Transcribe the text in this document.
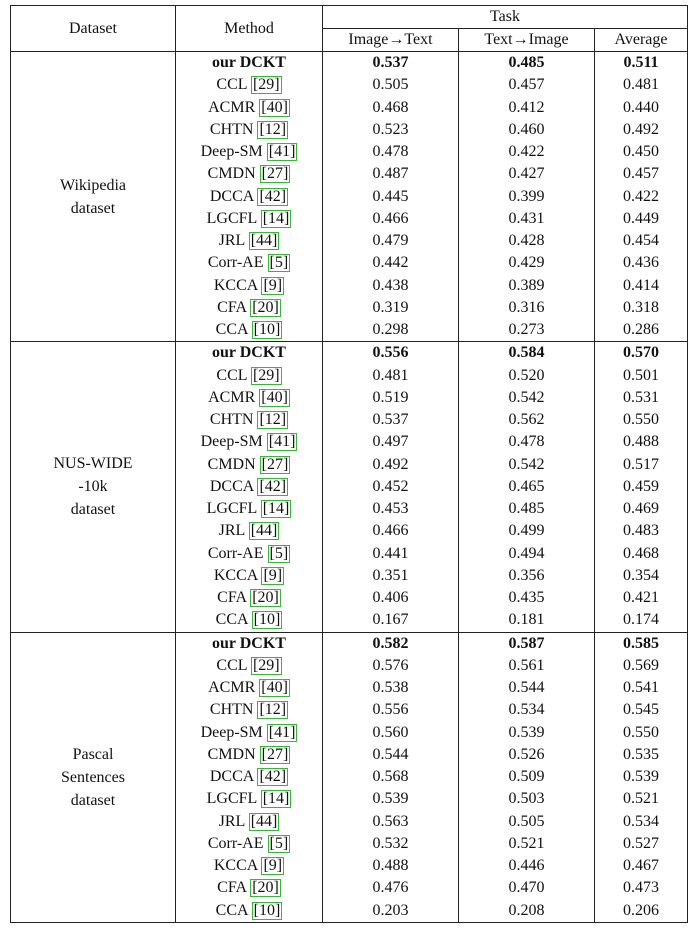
Dataset	Method	Task		
		Image→Text	Text→Image	Average

Wikipedia
dataset	our DCKT	0.537	0.485	0.511
	CCL [29]	0.505	0.457	0.481
	ACMR [40]	0.468	0.412	0.440
	CHTN [12]	0.523	0.460	0.492
	Deep-SM [41]	0.478	0.422	0.450
	CMDN [27]	0.487	0.427	0.457
	DCCA [42]	0.445	0.399	0.422
	LGCFL [14]	0.466	0.431	0.449
	JRL [44]	0.479	0.428	0.454
	Corr-AE [5]	0.442	0.429	0.436
	KCCA [9]	0.438	0.389	0.414
	CFA [20]	0.319	0.316	0.318
	CCA [10]	0.298	0.273	0.286

NUS-WIDE
-10k
dataset	our DCKT	0.556	0.584	0.570
	CCL [29]	0.481	0.520	0.501
	ACMR [40]	0.519	0.542	0.531
	CHTN [12]	0.537	0.562	0.550
	Deep-SM [41]	0.497	0.478	0.488
	CMDN [27]	0.492	0.542	0.517
	DCCA [42]	0.452	0.465	0.459
	LGCFL [14]	0.453	0.485	0.469
	JRL [44]	0.466	0.499	0.483
	Corr-AE [5]	0.441	0.494	0.468
	KCCA [9]	0.351	0.356	0.354
	CFA [20]	0.406	0.435	0.421
	CCA [10]	0.167	0.181	0.174

Pascal
Sentences
dataset	our DCKT	0.582	0.587	0.585
	CCL [29]	0.576	0.561	0.569
	ACMR [40]	0.538	0.544	0.541
	CHTN [12]	0.556	0.534	0.545
	Deep-SM [41]	0.560	0.539	0.550
	CMDN [27]	0.544	0.526	0.535
	DCCA [42]	0.568	0.509	0.539
	LGCFL [14]	0.539	0.503	0.521
	JRL [44]	0.563	0.505	0.534
	Corr-AE [5]	0.532	0.521	0.527
	KCCA [9]	0.488	0.446	0.467
	CFA [20]	0.476	0.470	0.473
	CCA [10]	0.203	0.208	0.206
